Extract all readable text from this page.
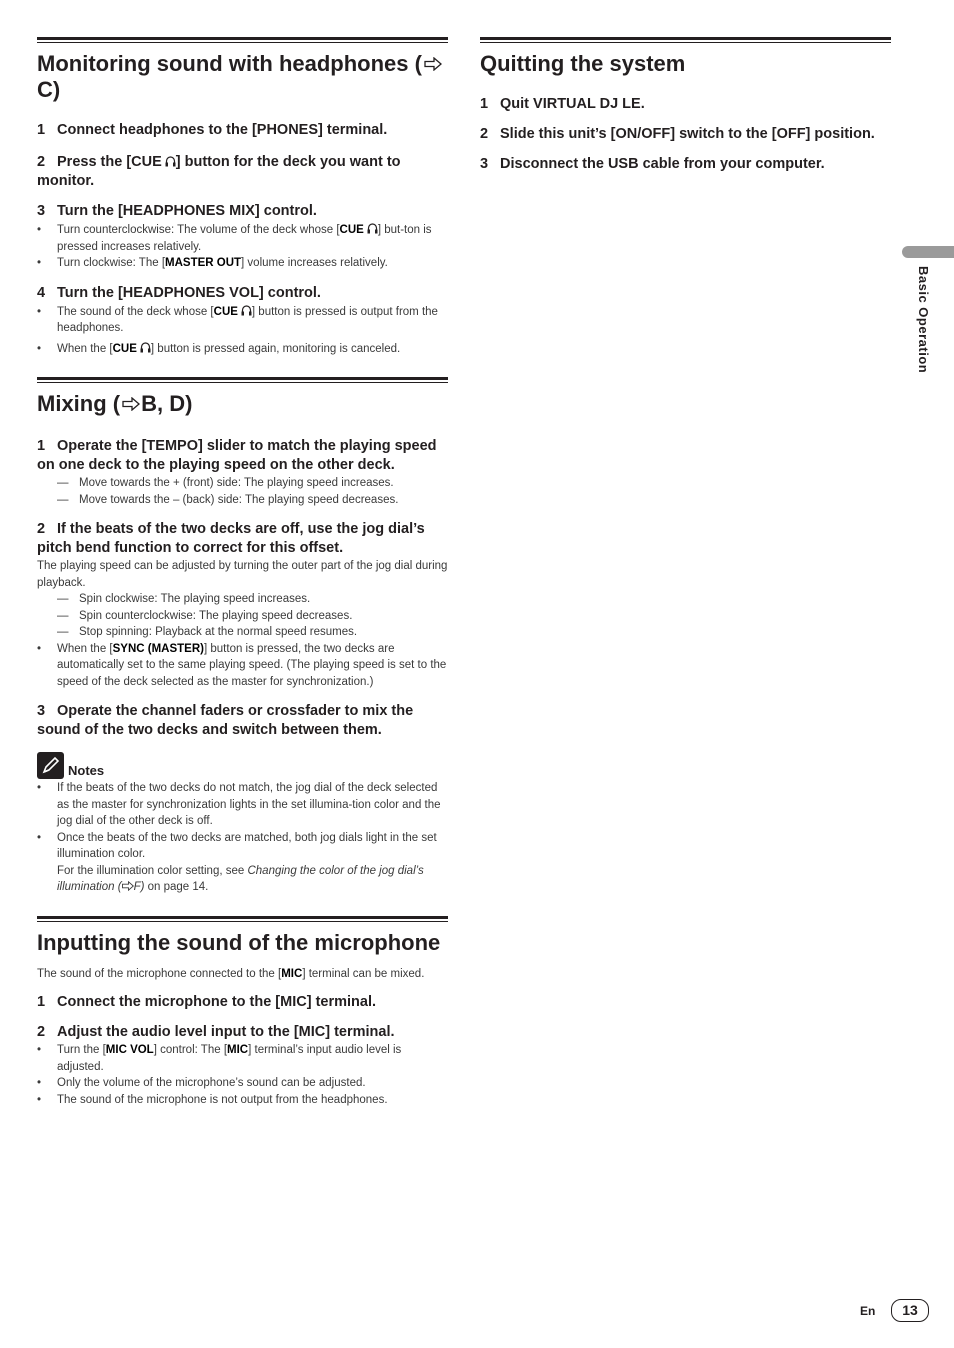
Monitoring sound with headphones (C)

1 Connect headphones to the [PHONES] terminal.

2 Press the [CUE ] button for the deck you want to monitor.

3 Turn the [HEADPHONES MIX] control.

• Turn counterclockwise: The volume of the deck whose [CUE ] but-ton is pressed increases relatively.
• Turn clockwise: The [MASTER OUT] volume increases relatively.

4 Turn the [HEADPHONES VOL] control.

• The sound of the deck whose [CUE ] button is pressed is output from the headphones.
• When the [CUE ] button is pressed again, monitoring is canceled.
Mixing ( B, D)

1 Operate the [TEMPO] slider to match the playing speed on one deck to the playing speed on the other deck.

— Move towards the + (front) side: The playing speed increases.
— Move towards the – (back) side: The playing speed decreases.

2 If the beats of the two decks are off, use the jog dial’s pitch bend function to correct for this offset.

The playing speed can be adjusted by turning the outer part of the jog dial during playback.

— Spin clockwise: The playing speed increases.
— Spin counterclockwise: The playing speed decreases.
— Stop spinning: Playback at the normal speed resumes.
• When the [SYNC (MASTER)] button is pressed, the two decks are automatically set to the same playing speed. (The playing speed is set to the speed of the deck selected as the master for synchronization.)

3 Operate the channel faders or crossfader to mix the sound of the two decks and switch between them.

Notes
• If the beats of the two decks do not match, the jog dial of the deck selected as the master for synchronization lights in the set illumina-tion color and the jog dial of the other deck is off.
• Once the beats of the two decks are matched, both jog dials light in the set illumination color.
For the illumination color setting, see Changing the color of the jog dial’s illumination ( F) on page 14.
Inputting the sound of the microphone

The sound of the microphone connected to the [MIC] terminal can be mixed.

1 Connect the microphone to the [MIC] terminal.

2 Adjust the audio level input to the [MIC] terminal.

• Turn the [MIC VOL] control: The [MIC] terminal’s input audio level is adjusted.
• Only the volume of the microphone’s sound can be adjusted.
• The sound of the microphone is not output from the headphones.
Quitting the system

1 Quit VIRTUAL DJ LE.

2 Slide this unit’s [ON/OFF] switch to the [OFF] position.

3 Disconnect the USB cable from your computer.

Basic Operation
En	13
